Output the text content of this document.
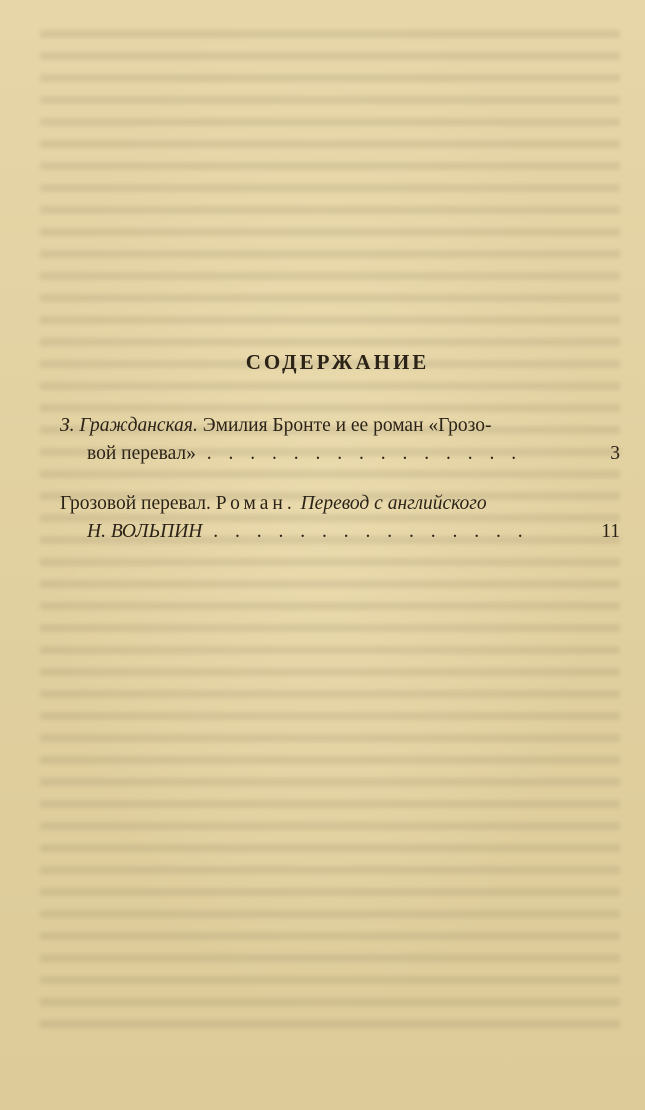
СОДЕРЖАНИЕ
З. Гражданская. Эмилия Бронте и ее роман «Грозо-
вой перевал» . . . . . . . . . . . . . . .	3
Грозовой перевал. Роман. Перевод с английского
Н. ВОЛЬПИН . . . . . . . . . . . . . . .	11
